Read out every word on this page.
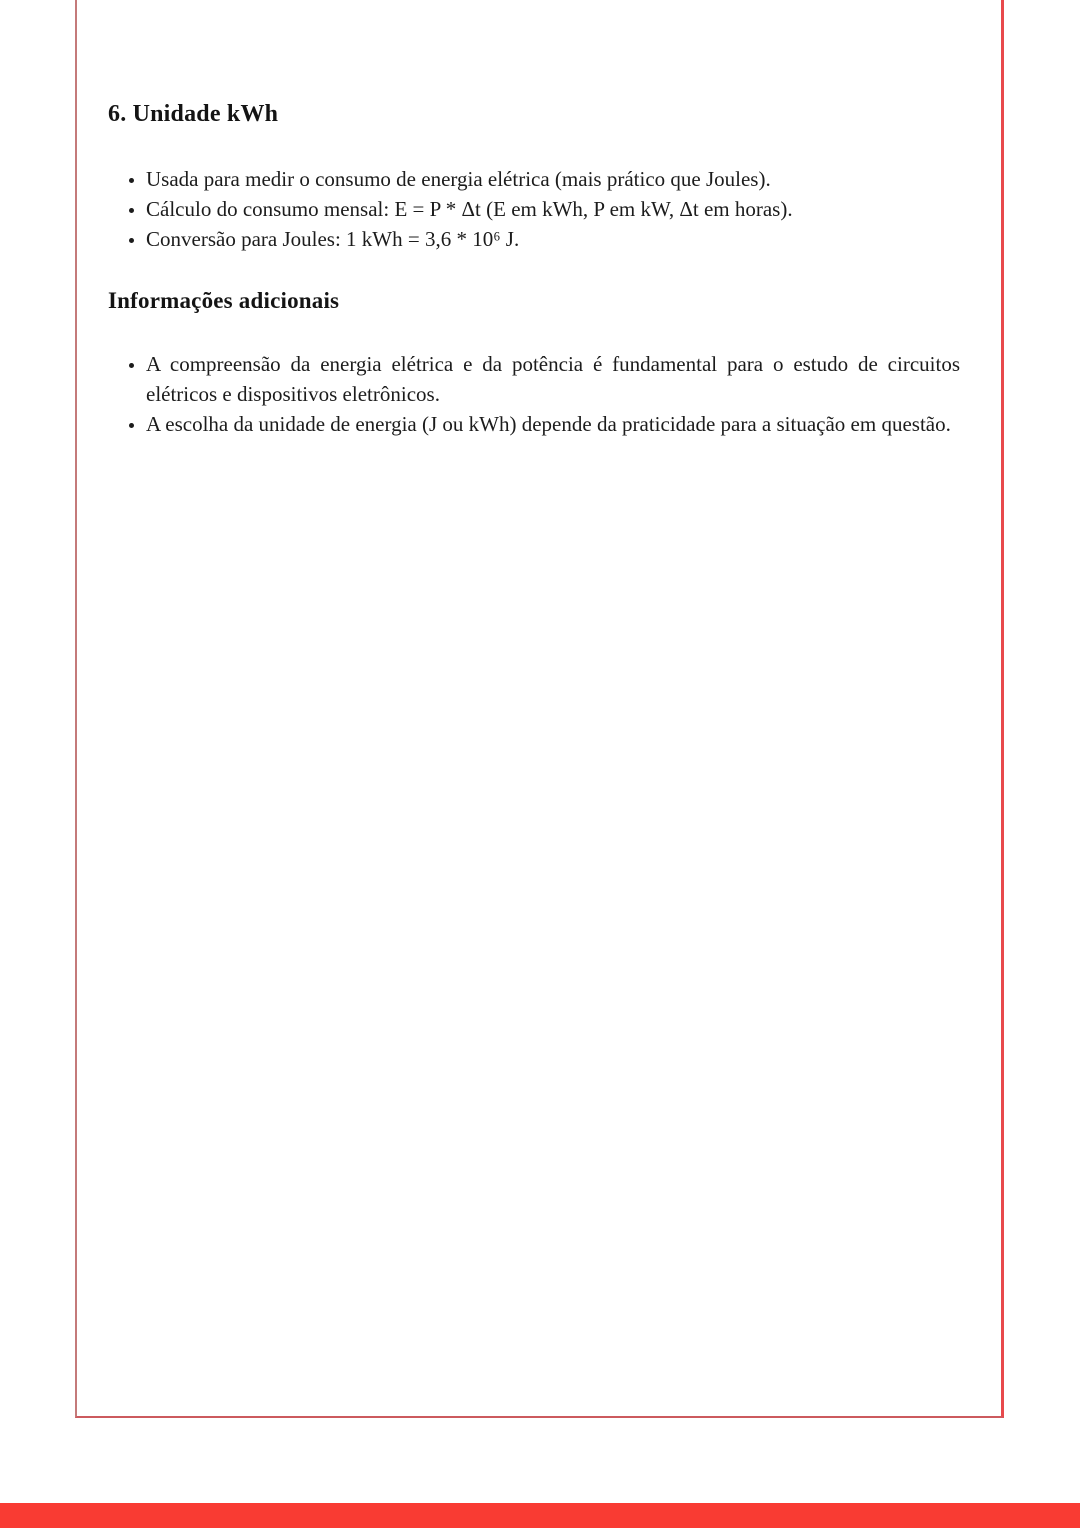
6. Unidade kWh
• Usada para medir o consumo de energia elétrica (mais prático que Joules).
• Cálculo do consumo mensal: E = P * Δt (E em kWh, P em kW, Δt em horas).
• Conversão para Joules: 1 kWh = 3,6 * 10⁶ J.
Informações adicionais
• A compreensão da energia elétrica e da potência é fundamental para o estudo de circuitos elétricos e dispositivos eletrônicos.
• A escolha da unidade de energia (J ou kWh) depende da praticidade para a situação em questão.
